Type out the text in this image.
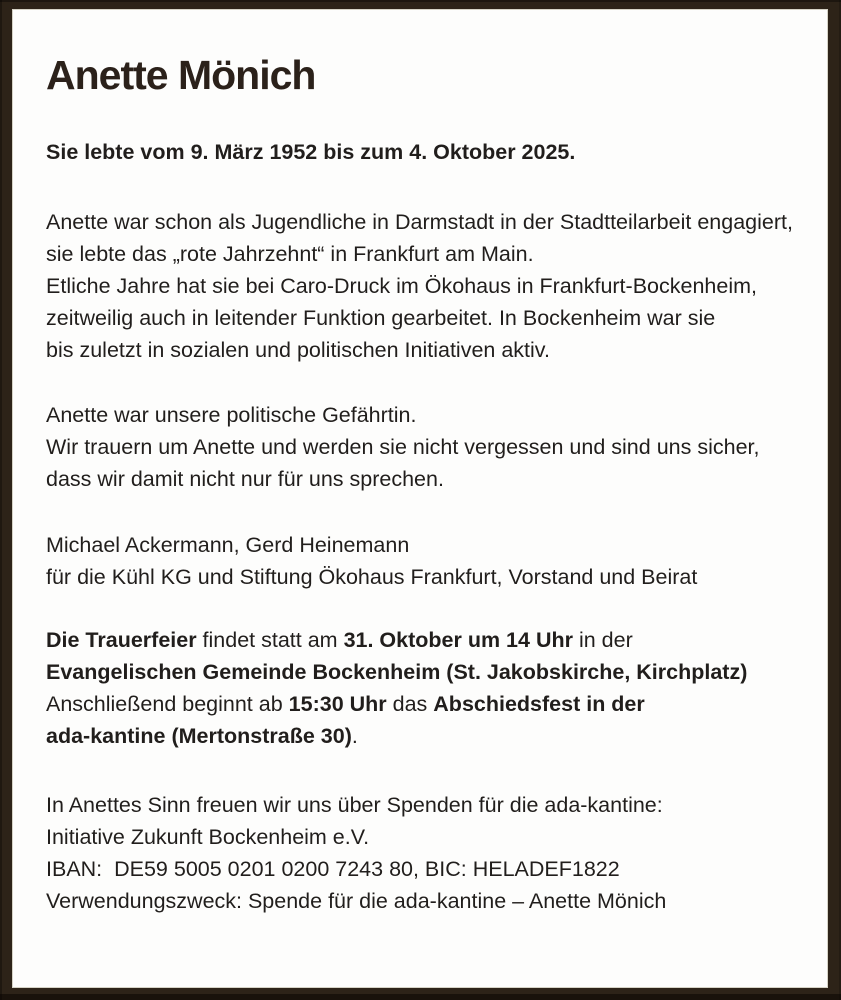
Anette Mönich
Sie lebte vom 9. März 1952 bis zum 4. Oktober 2025.
Anette war schon als Jugendliche in Darmstadt in der Stadtteilarbeit engagiert,
sie lebte das „rote Jahrzehnt“ in Frankfurt am Main.
Etliche Jahre hat sie bei Caro-Druck im Ökohaus in Frankfurt-Bockenheim,
zeitweilig auch in leitender Funktion gearbeitet. In Bockenheim war sie
bis zuletzt in sozialen und politischen Initiativen aktiv.
Anette war unsere politische Gefährtin.
Wir trauern um Anette und werden sie nicht vergessen und sind uns sicher,
dass wir damit nicht nur für uns sprechen.
Michael Ackermann, Gerd Heinemann
für die Kühl KG und Stiftung Ökohaus Frankfurt, Vorstand und Beirat
Die Trauerfeier findet statt am 31. Oktober um 14 Uhr in der
Evangelischen Gemeinde Bockenheim (St. Jakobskirche, Kirchplatz)
Anschließend beginnt ab 15:30 Uhr das Abschiedsfest in der
ada-kantine (Mertonstraße 30).
In Anettes Sinn freuen wir uns über Spenden für die ada-kantine:
Initiative Zukunft Bockenheim e.V.
IBAN:  DE59 5005 0201 0200 7243 80, BIC: HELADEF1822
Verwendungszweck: Spende für die ada-kantine – Anette Mönich
